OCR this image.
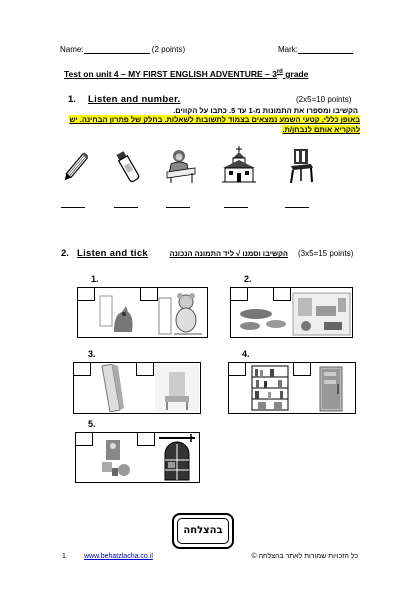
Name:	(2 points)	Mark:
Test on unit 4 – MY FIRST ENGLISH ADVENTURE – 3rd grade
1. Listen and number.	(2x5=10 points)
הקשיבו ומספרו את התמונות מ-1 עד 5. כתבו על הקווים.
באופן כללי, קטעי השמע נמצאים בצמוד לתשובות לשאלות. בחלק של פתרון הבחינה. יש להקריא אותם לנבחן/ת.
2. Listen and tick	הקשיבו וסמנו √ ליד התמונה הנכונה (3x5=15 points)
1.	2.
3.	4.
5.
בהצלחה
1	www.behatzlacha.co.il	כל הזכויות שמורות לאתר בהצלחה ©
